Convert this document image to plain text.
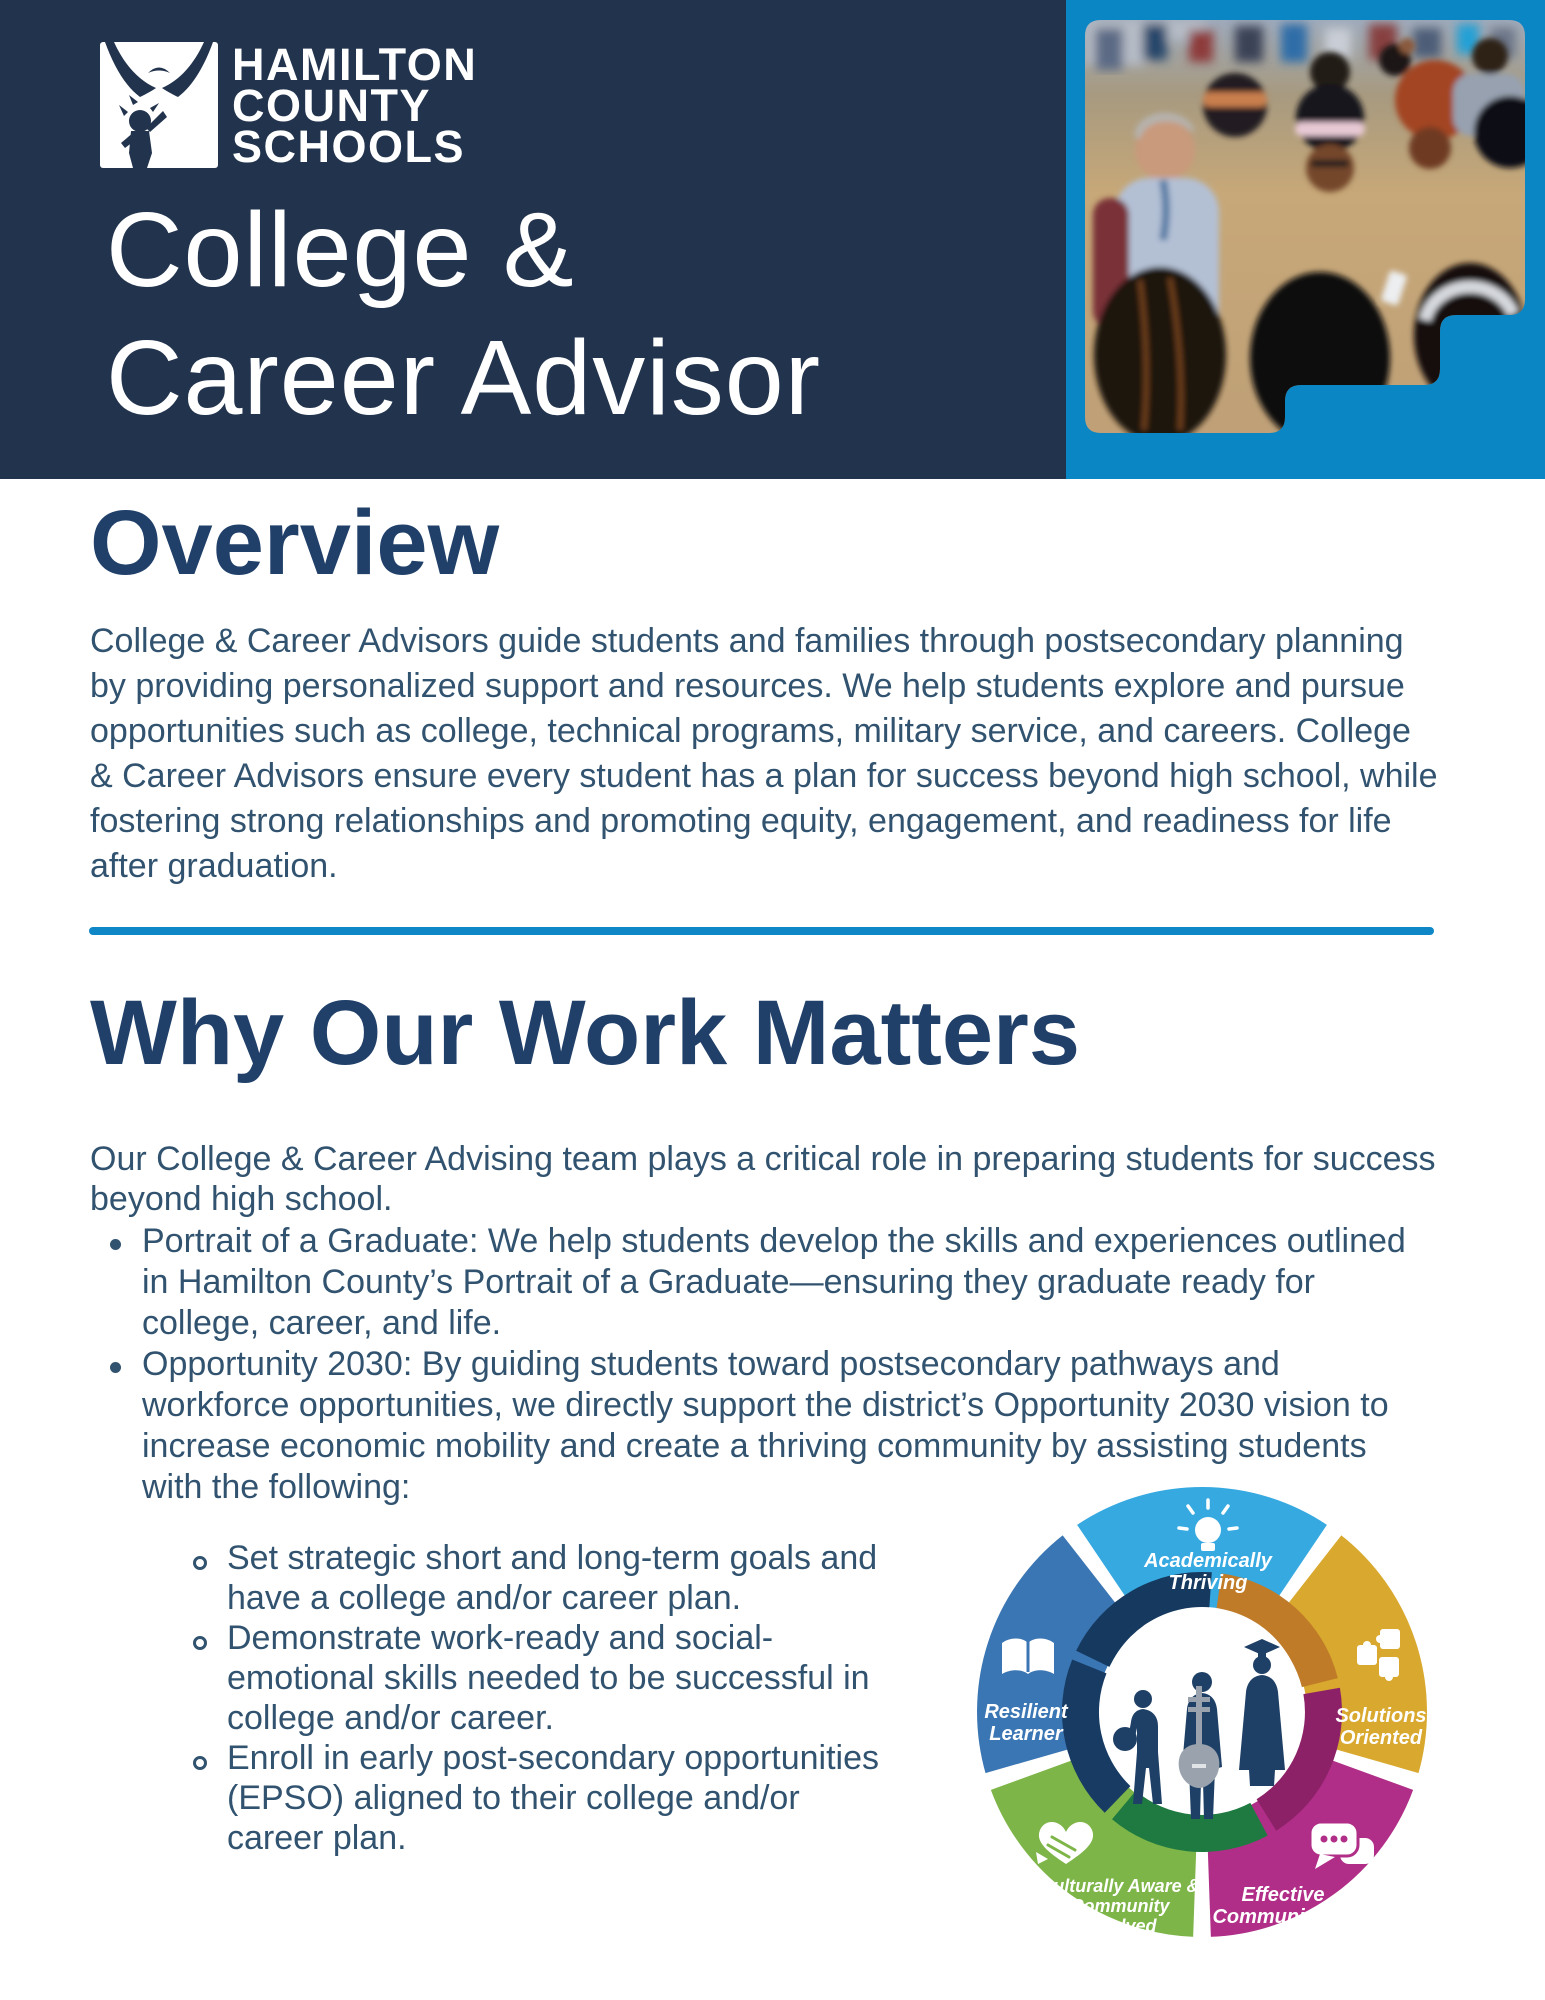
HAMILTON
COUNTY
SCHOOLS
College &
Career Advisor
Overview
College & Career Advisors guide students and families through postsecondary planning
by providing personalized support and resources. We help students explore and pursue
opportunities such as college, technical programs, military service, and careers. College
& Career Advisors ensure every student has a plan for success beyond high school, while
fostering strong relationships and promoting equity, engagement, and readiness for life
after graduation.
Why Our Work Matters
Our College & Career Advising team plays a critical role in preparing students for success
beyond high school.
Portrait of a Graduate: We help students develop the skills and experiences outlined
in Hamilton County’s Portrait of a Graduate—ensuring they graduate ready for
college, career, and life.
Opportunity 2030: By guiding students toward postsecondary pathways and
workforce opportunities, we directly support the district’s Opportunity 2030 vision to
increase economic mobility and create a thriving community by assisting students
with the following:
Set strategic short and long-term goals and
have a college and/or career plan.
Demonstrate work-ready and social-
emotional skills needed to be successful in
college and/or career.
Enroll in early post-secondary opportunities
(EPSO) aligned to their college and/or
career plan.
Academically
Thriving
Solutions
Oriented
Effective
Communicator
Culturally Aware &
Community
Involved
Resilient
Learner
